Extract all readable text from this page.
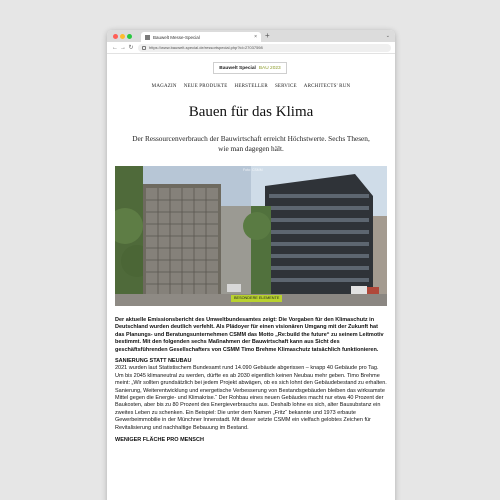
Bauwelt Messe-Special	× +	⌄
← → ↻	https://www.bauwelt-special.de/ressortspecial.php?id=27037598
Bauwelt Special BAU 2023
MAGAZIN NEUE PRODUKTE HERSTELLER SERVICE ARCHITECTS' RUN
Bauen für das Klima

Der Ressourcenverbrauch der Bauwirtschaft erreicht Höchstwerte. Sechs Thesen, wie man dagegen hält.

Foto: CSMM
BESONDERE ELEMENTE

Der aktuelle Emissionsbericht des Umweltbundesamtes zeigt: Die Vorgaben für den Klimaschutz in Deutschland wurden deutlich verfehlt. Als Plädoyer für einen visionären Umgang mit der Zukunft hat das Planungs- und Beratungsunternehmen CSMM das Motto „Re:build the future“ zu seinem Leitmotiv bestimmt. Mit den folgenden sechs Maßnahmen der Bauwirtschaft kann aus Sicht des geschäftsführenden Gesellschafters von CSMM Timo Brehme Klimaschutz tatsächlich funktionieren.

SANIERUNG STATT NEUBAU

2021 wurden laut Statistischem Bundesamt rund 14.090 Gebäude abgerissen – knapp 40 Gebäude pro Tag. Um bis 2045 klimaneutral zu werden, dürfte es ab 2030 eigentlich keinen Neubau mehr geben. Timo Brehme meint: „Wir sollten grundsätzlich bei jedem Projekt abwägen, ob es sich lohnt den Gebäudebestand zu erhalten. Sanierung, Weiterentwicklung und energetische Verbesserung von Bestandsgebäuden bleiben das wirksamste Mittel gegen die Energie- und Klimakrise.“ Der Rohbau eines neuen Gebäudes macht nur etwa 40 Prozent der Baukosten, aber bis zu 80 Prozent des Energieverbrauchs aus. Deshalb lohne es sich, alter Bausubstanz ein zweites Leben zu schenken. Ein Beispiel: Die unter dem Namen „Fritz“ bekannte und 1973 erbaute Gewerbeimmobilie in der Münchner Innenstadt. Mit dieser setzte CSMM ein vielfach gelobtes Zeichen für Revitalisierung und nachhaltige Bebauung im Bestand.

WENIGER FLÄCHE PRO MENSCH
